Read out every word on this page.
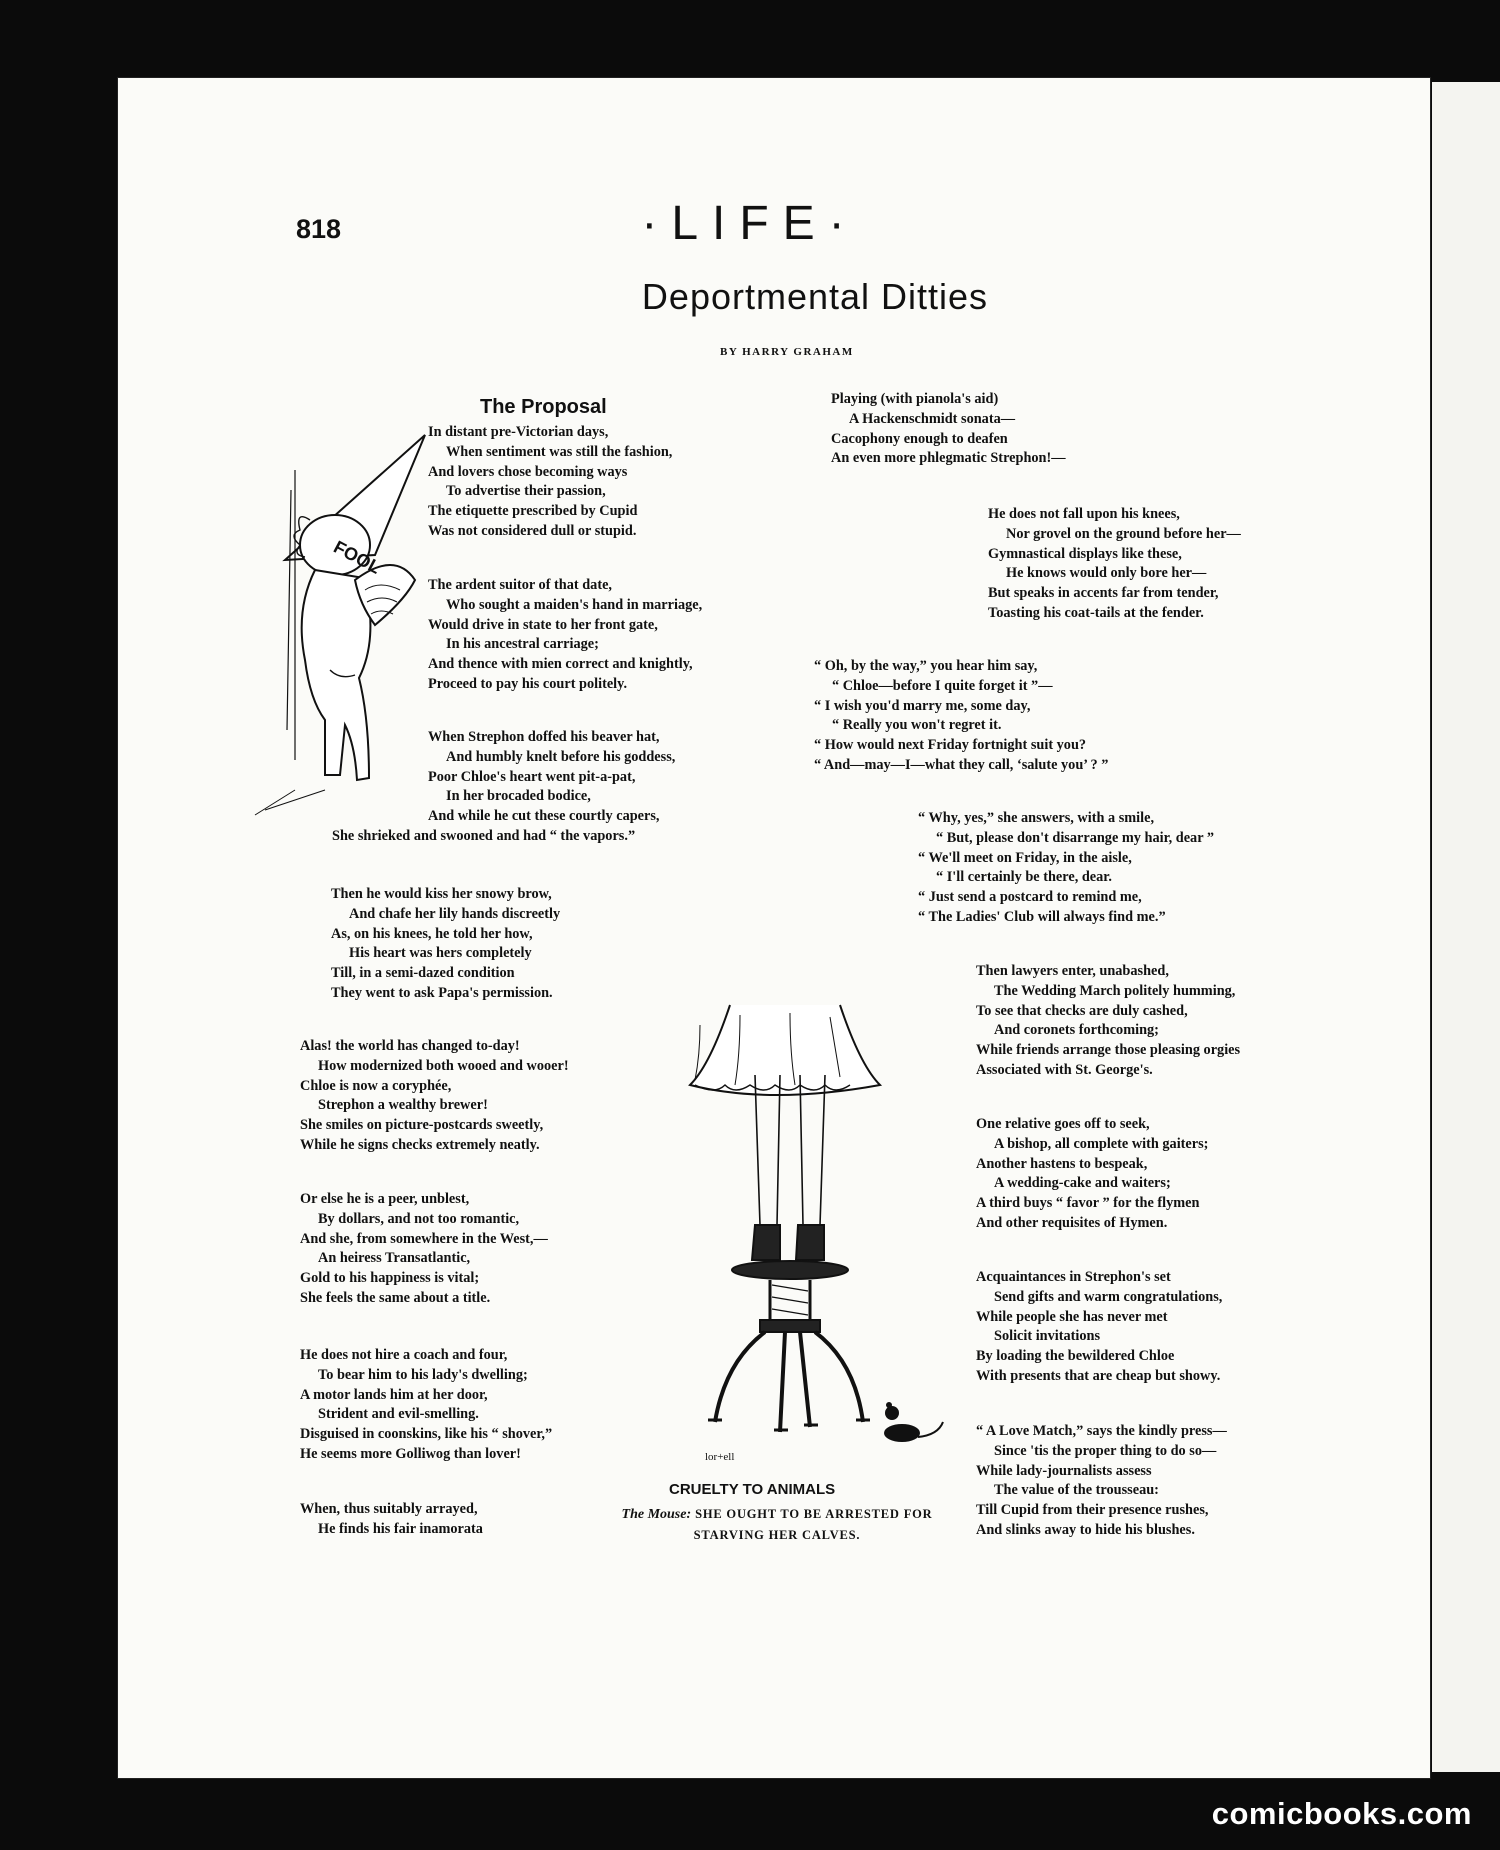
818	·LIFE·
Deportmental Ditties
BY HARRY GRAHAM
The Proposal
In distant pre-Victorian days,
When sentiment was still the fashion,
And lovers chose becoming ways
To advertise their passion,
The etiquette prescribed by Cupid
Was not considered dull or stupid.
The ardent suitor of that date,
Who sought a maiden's hand in marriage,
Would drive in state to her front gate,
In his ancestral carriage;
And thence with mien correct and knightly,
Proceed to pay his court politely.
When Strephon doffed his beaver hat,
And humbly knelt before his goddess,
Poor Chloe's heart went pit-a-pat,
In her brocaded bodice,
And while he cut these courtly capers,
She shrieked and swooned and had “ the vapors.”
Then he would kiss her snowy brow,
And chafe her lily hands discreetly
As, on his knees, he told her how,
His heart was hers completely
Till, in a semi-dazed condition
They went to ask Papa's permission.
Alas! the world has changed to-day!
How modernized both wooed and wooer!
Chloe is now a coryphée,
Strephon a wealthy brewer!
She smiles on picture-postcards sweetly,
While he signs checks extremely neatly.
Or else he is a peer, unblest,
By dollars, and not too romantic,
And she, from somewhere in the West,—
An heiress Transatlantic,
Gold to his happiness is vital;
She feels the same about a title.
He does not hire a coach and four,
To bear him to his lady's dwelling;
A motor lands him at her door,
Strident and evil-smelling.
Disguised in coonskins, like his “ shover,”
He seems more Golliwog than lover!
When, thus suitably arrayed,
He finds his fair inamorata
Playing (with pianola's aid)
A Hackenschmidt sonata—
Cacophony enough to deafen
An even more phlegmatic Strephon!—
He does not fall upon his knees,
Nor grovel on the ground before her—
Gymnastical displays like these,
He knows would only bore her—
But speaks in accents far from tender,
Toasting his coat-tails at the fender.
“ Oh, by the way,” you hear him say,
“ Chloe—before I quite forget it ”—
“ I wish you'd marry me, some day,
“ Really you won't regret it.
“ How would next Friday fortnight suit you?
“ And—may—I—what they call, ‘salute you’ ? ”
“ Why, yes,” she answers, with a smile,
“ But, please don't disarrange my hair, dear ”
“ We'll meet on Friday, in the aisle,
“ I'll certainly be there, dear.
“ Just send a postcard to remind me,
“ The Ladies' Club will always find me.”
Then lawyers enter, unabashed,
The Wedding March politely humming,
To see that checks are duly cashed,
And coronets forthcoming;
While friends arrange those pleasing orgies
Associated with St. George's.
One relative goes off to seek,
A bishop, all complete with gaiters;
Another hastens to bespeak,
A wedding-cake and waiters;
A third buys “ favor ” for the flymen
And other requisites of Hymen.
Acquaintances in Strephon's set
Send gifts and warm congratulations,
While people she has never met
Solicit invitations
By loading the bewildered Chloe
With presents that are cheap but showy.
“ A Love Match,” says the kindly press—
Since 'tis the proper thing to do so—
While lady-journalists assess
The value of the trousseau:
Till Cupid from their presence rushes,
And slinks away to hide his blushes.
FOOL
lor+ell
CRUELTY TO ANIMALS
The Mouse: SHE OUGHT TO BE ARRESTED FOR STARVING HER CALVES.
comicbooks.com
